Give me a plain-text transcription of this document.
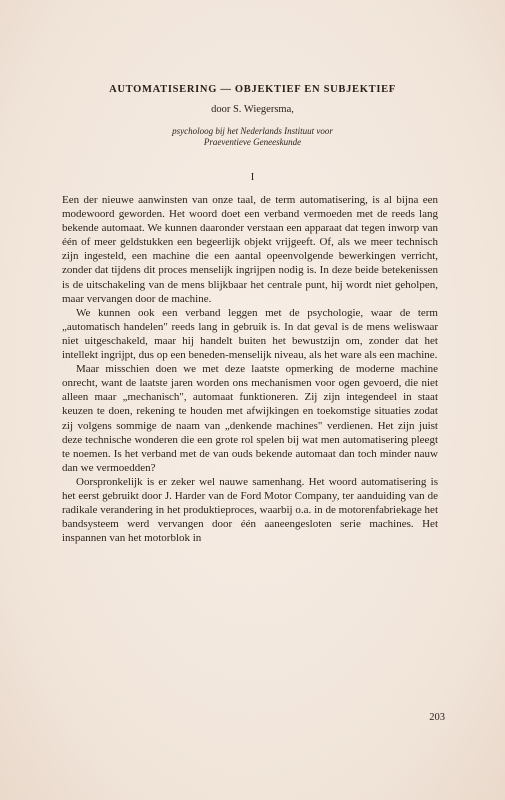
AUTOMATISERING — OBJEKTIEF EN SUBJEKTIEF
door S. Wiegersma,
psycholoog bij het Nederlands Instituut voor
Praeventieve Geneeskunde
I

Een der nieuwe aanwinsten van onze taal, de term automatisering, is al bijna een modewoord geworden. Het woord doet een verband vermoeden met de reeds lang bekende automaat. We kunnen daaronder verstaan een apparaat dat tegen inworp van één of meer geldstukken een begeerlijk objekt vrijgeeft. Of, als we meer technisch zijn ingesteld, een machine die een aantal opeenvolgende bewerkingen verricht, zonder dat tijdens dit proces menselijk ingrijpen nodig is. In deze beide betekenissen is de uitschakeling van de mens blijkbaar het centrale punt, hij wordt niet geholpen, maar vervangen door de machine.

We kunnen ook een verband leggen met de psychologie, waar de term „automatisch handelen" reeds lang in gebruik is. In dat geval is de mens weliswaar niet uitgeschakeld, maar hij handelt buiten het bewustzijn om, zonder dat het intellekt ingrijpt, dus op een beneden-menselijk niveau, als het ware als een machine.

Maar misschien doen we met deze laatste opmerking de moderne machine onrecht, want de laatste jaren worden ons mechanismen voor ogen gevoerd, die niet alleen maar „mechanisch", automaat funktioneren. Zij zijn integendeel in staat keuzen te doen, rekening te houden met afwijkingen en toekomstige situaties zodat zij volgens sommige de naam van „denkende machines" verdienen. Het zijn juist deze technische wonderen die een grote rol spelen bij wat men automatisering pleegt te noemen. Is het verband met de van ouds bekende automaat dan toch minder nauw dan we vermoedden?

Oorspronkelijk is er zeker wel nauwe samenhang. Het woord automatisering is het eerst gebruikt door J. Harder van de Ford Motor Company, ter aanduiding van de radikale verandering in het produktieproces, waarbij o.a. in de motorenfabriekage het bandsysteem werd vervangen door één aaneengesloten serie machines. Het inspannen van het motorblok in

203
